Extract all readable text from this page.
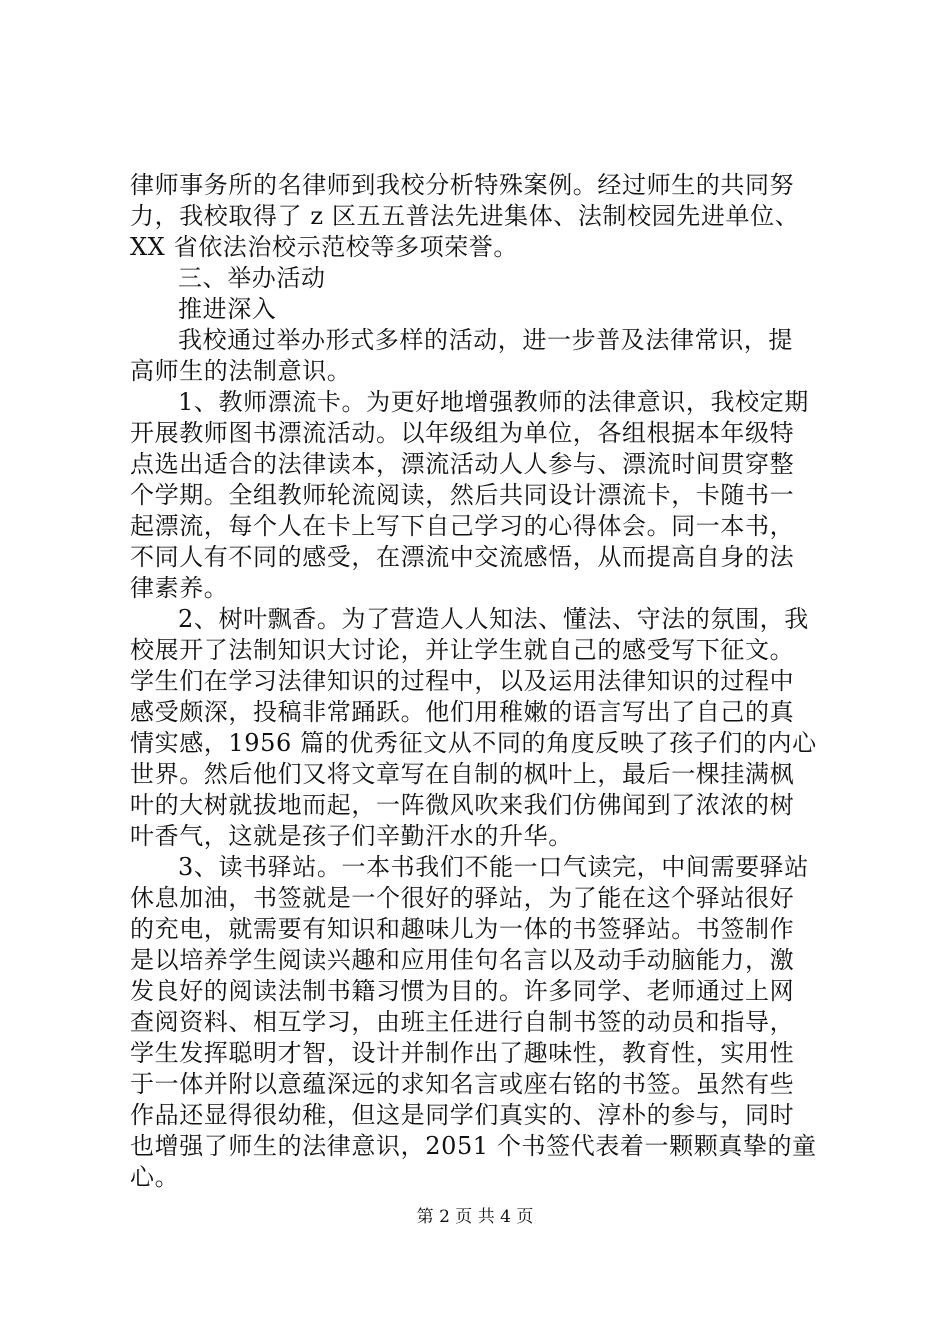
律师事务所的名律师到我校分析特殊案例。经过师生的共同努
力，我校取得了 z 区五五普法先进集体、法制校园先进单位、
XX 省依法治校示范校等多项荣誉。
三、举办活动
推进深入
我校通过举办形式多样的活动，进一步普及法律常识，提
高师生的法制意识。
1、教师漂流卡。为更好地增强教师的法律意识，我校定期
开展教师图书漂流活动。以年级组为单位，各组根据本年级特
点选出适合的法律读本，漂流活动人人参与、漂流时间贯穿整
个学期。全组教师轮流阅读，然后共同设计漂流卡，卡随书一
起漂流，每个人在卡上写下自己学习的心得体会。同一本书，
不同人有不同的感受，在漂流中交流感悟，从而提高自身的法
律素养。
2、树叶飘香。为了营造人人知法、懂法、守法的氛围，我
校展开了法制知识大讨论，并让学生就自己的感受写下征文。
学生们在学习法律知识的过程中，以及运用法律知识的过程中
感受颇深，投稿非常踊跃。他们用稚嫩的语言写出了自己的真
情实感，1956 篇的优秀征文从不同的角度反映了孩子们的内心
世界。然后他们又将文章写在自制的枫叶上，最后一棵挂满枫
叶的大树就拔地而起，一阵微风吹来我们仿佛闻到了浓浓的树
叶香气，这就是孩子们辛勤汗水的升华。
3、读书驿站。一本书我们不能一口气读完，中间需要驿站
休息加油，书签就是一个很好的驿站，为了能在这个驿站很好
的充电，就需要有知识和趣味儿为一体的书签驿站。书签制作
是以培养学生阅读兴趣和应用佳句名言以及动手动脑能力，激
发良好的阅读法制书籍习惯为目的。许多同学、老师通过上网
查阅资料、相互学习，由班主任进行自制书签的动员和指导，
学生发挥聪明才智，设计并制作出了趣味性，教育性，实用性
于一体并附以意蕴深远的求知名言或座右铭的书签。虽然有些
作品还显得很幼稚，但这是同学们真实的、淳朴的参与，同时
也增强了师生的法律意识，2051 个书签代表着一颗颗真挚的童
心。
第 2 页 共 4 页
